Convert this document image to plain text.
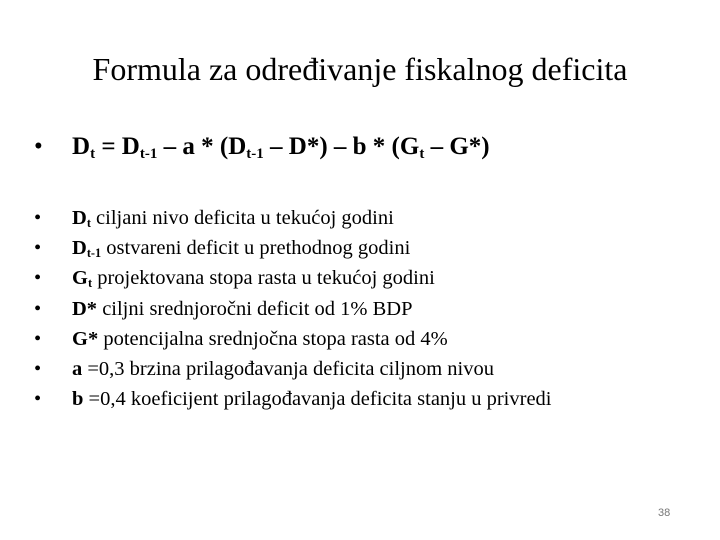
Formula za određivanje fiskalnog deficita
• $D_t = D_{t-1} - a * (D_{t-1} - D*) - b * (G_t - G*)$
• $D_t$ ciljani nivo deficita u tekućoj godini
• $D_{t-1}$ ostvareni deficit u prethodnog godini
• $G_t$ projektovana stopa rasta u tekućoj godini
• D* ciljni srednjoročni deficit od 1% BDP
• G* potencijalna srednjočna stopa rasta od 4%
• a =0,3 brzina prilagođavanja deficita ciljnom nivou
• b =0,4 koeficijent prilagođavanja deficita stanju u privredi
38
